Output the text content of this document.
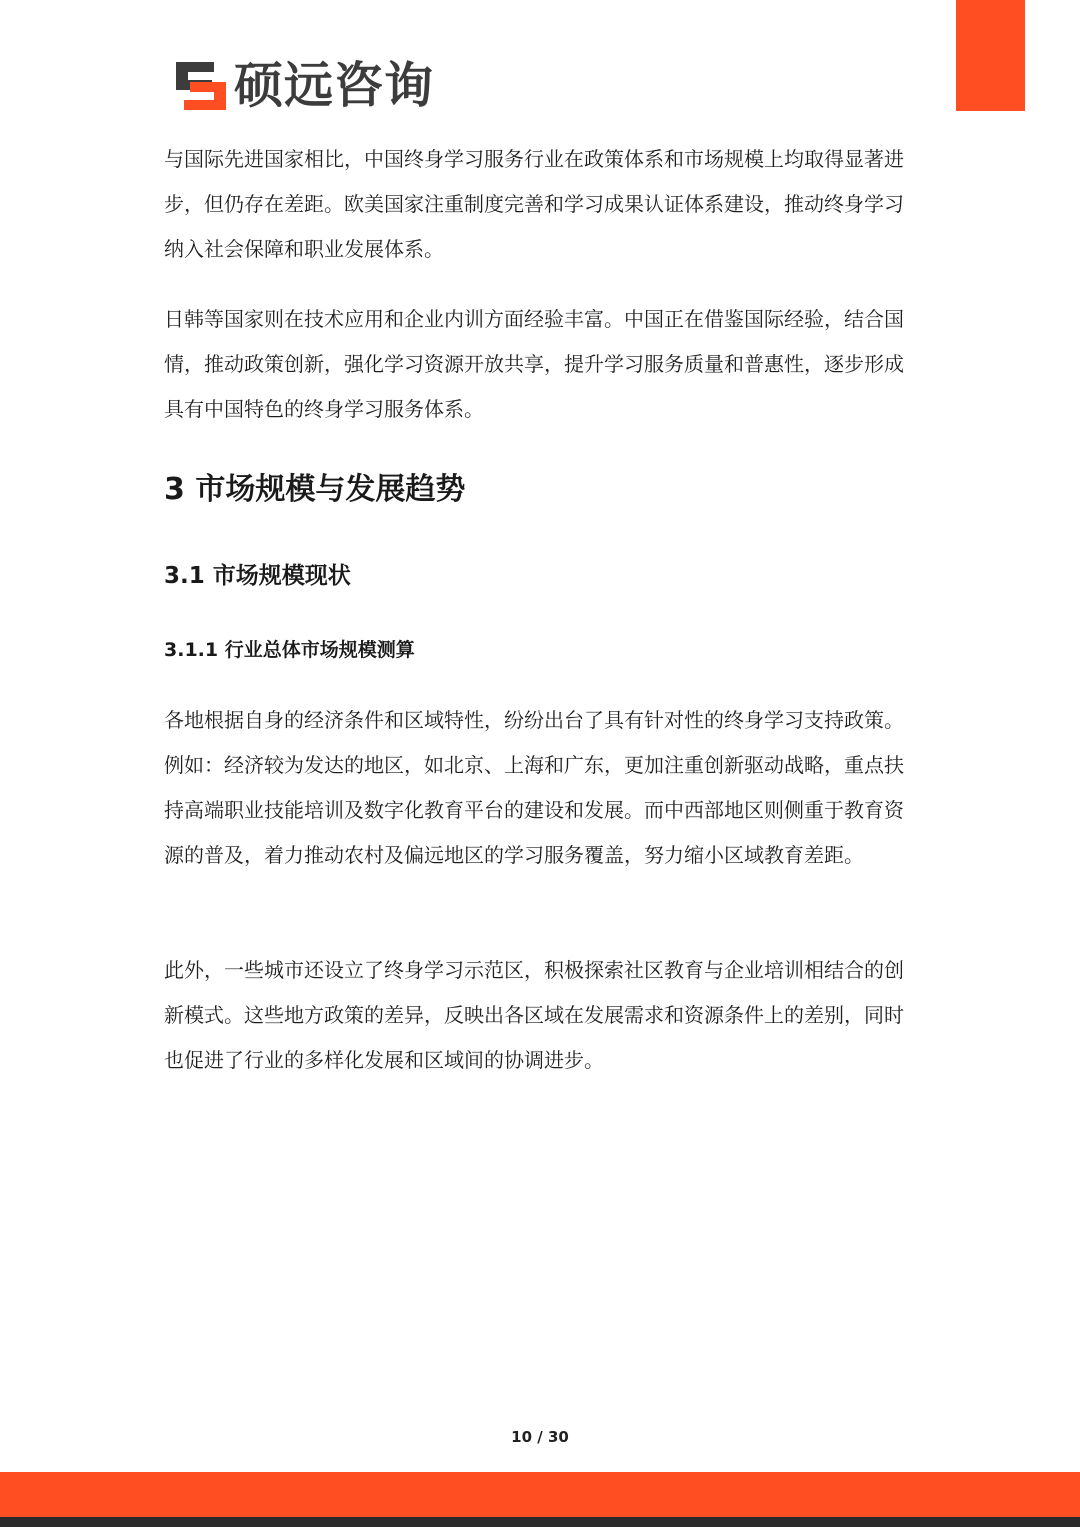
硕远咨询

与国际先进国家相比，中国终身学习服务行业在政策体系和市场规模上均取得显著进步，但仍存在差距。欧美国家注重制度完善和学习成果认证体系建设，推动终身学习纳入社会保障和职业发展体系。

日韩等国家则在技术应用和企业内训方面经验丰富。中国正在借鉴国际经验，结合国情，推动政策创新，强化学习资源开放共享，提升学习服务质量和普惠性，逐步形成具有中国特色的终身学习服务体系。

3 市场规模与发展趋势
3.1 市场规模现状
3.1.1 行业总体市场规模测算

各地根据自身的经济条件和区域特性，纷纷出台了具有针对性的终身学习支持政策。例如：经济较为发达的地区，如北京、上海和广东，更加注重创新驱动战略，重点扶持高端职业技能培训及数字化教育平台的建设和发展。而中西部地区则侧重于教育资源的普及，着力推动农村及偏远地区的学习服务覆盖，努力缩小区域教育差距。

此外，一些城市还设立了终身学习示范区，积极探索社区教育与企业培训相结合的创新模式。这些地方政策的差异，反映出各区域在发展需求和资源条件上的差别，同时也促进了行业的多样化发展和区域间的协调进步。

10 / 30
